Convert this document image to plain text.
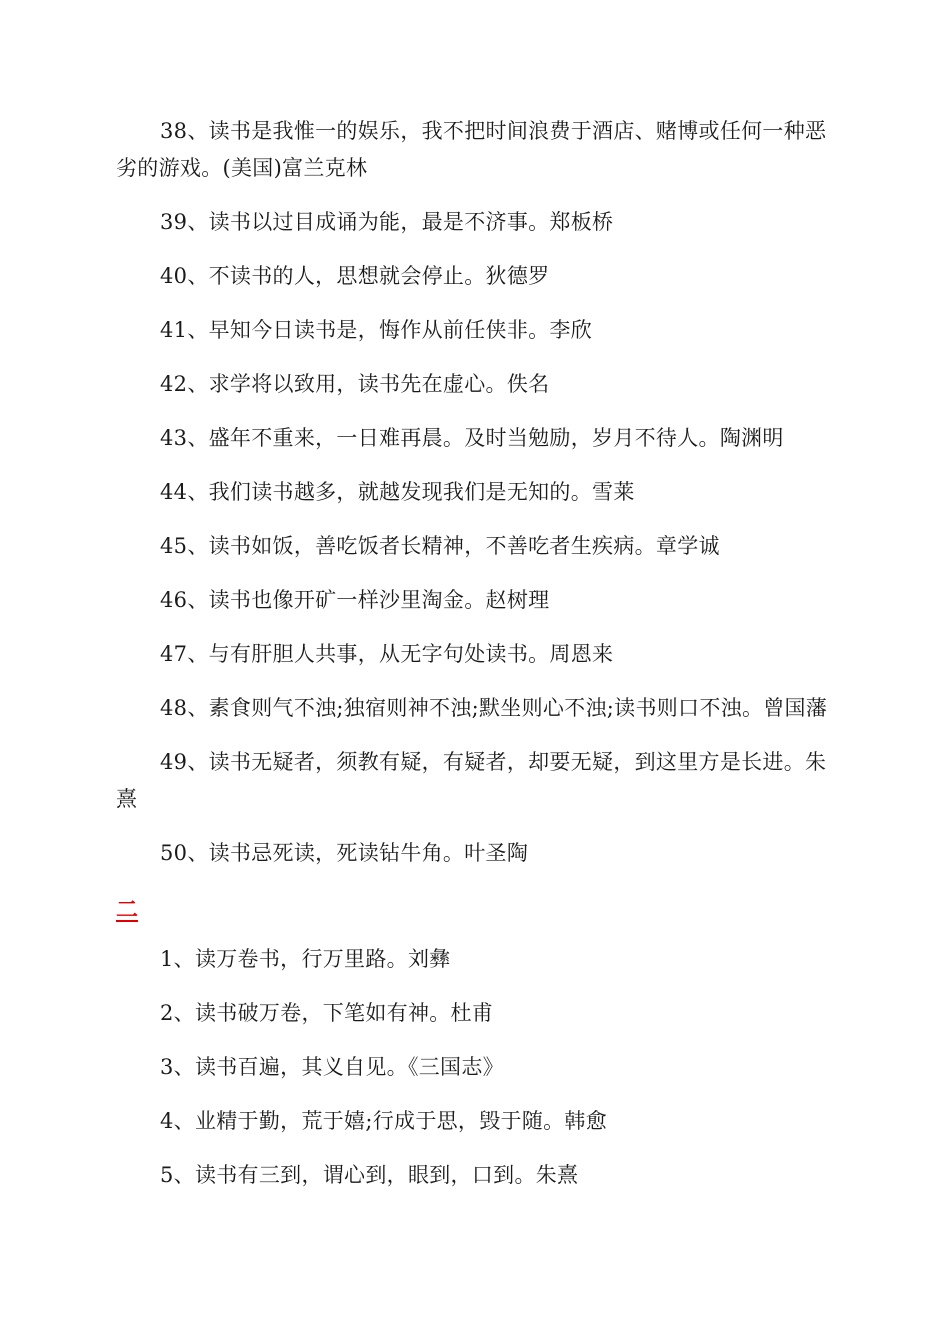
38、读书是我惟一的娱乐，我不把时间浪费于酒店、赌博或任何一种恶劣的游戏。(美国)富兰克林

39、读书以过目成诵为能，最是不济事。郑板桥

40、不读书的人，思想就会停止。狄德罗

41、早知今日读书是，悔作从前任侠非。李欣

42、求学将以致用，读书先在虚心。佚名

43、盛年不重来，一日难再晨。及时当勉励，岁月不待人。陶渊明

44、我们读书越多，就越发现我们是无知的。雪莱

45、读书如饭，善吃饭者长精神，不善吃者生疾病。章学诚

46、读书也像开矿一样沙里淘金。赵树理

47、与有肝胆人共事，从无字句处读书。周恩来

48、素食则气不浊;独宿则神不浊;默坐则心不浊;读书则口不浊。曾国藩

49、读书无疑者，须教有疑，有疑者，却要无疑，到这里方是长进。朱熹

50、读书忌死读，死读钻牛角。叶圣陶

二

1、读万卷书，行万里路。刘彝

2、读书破万卷，下笔如有神。杜甫

3、读书百遍，其义自见。《三国志》

4、业精于勤，荒于嬉;行成于思，毁于随。韩愈

5、读书有三到，谓心到，眼到，口到。朱熹
